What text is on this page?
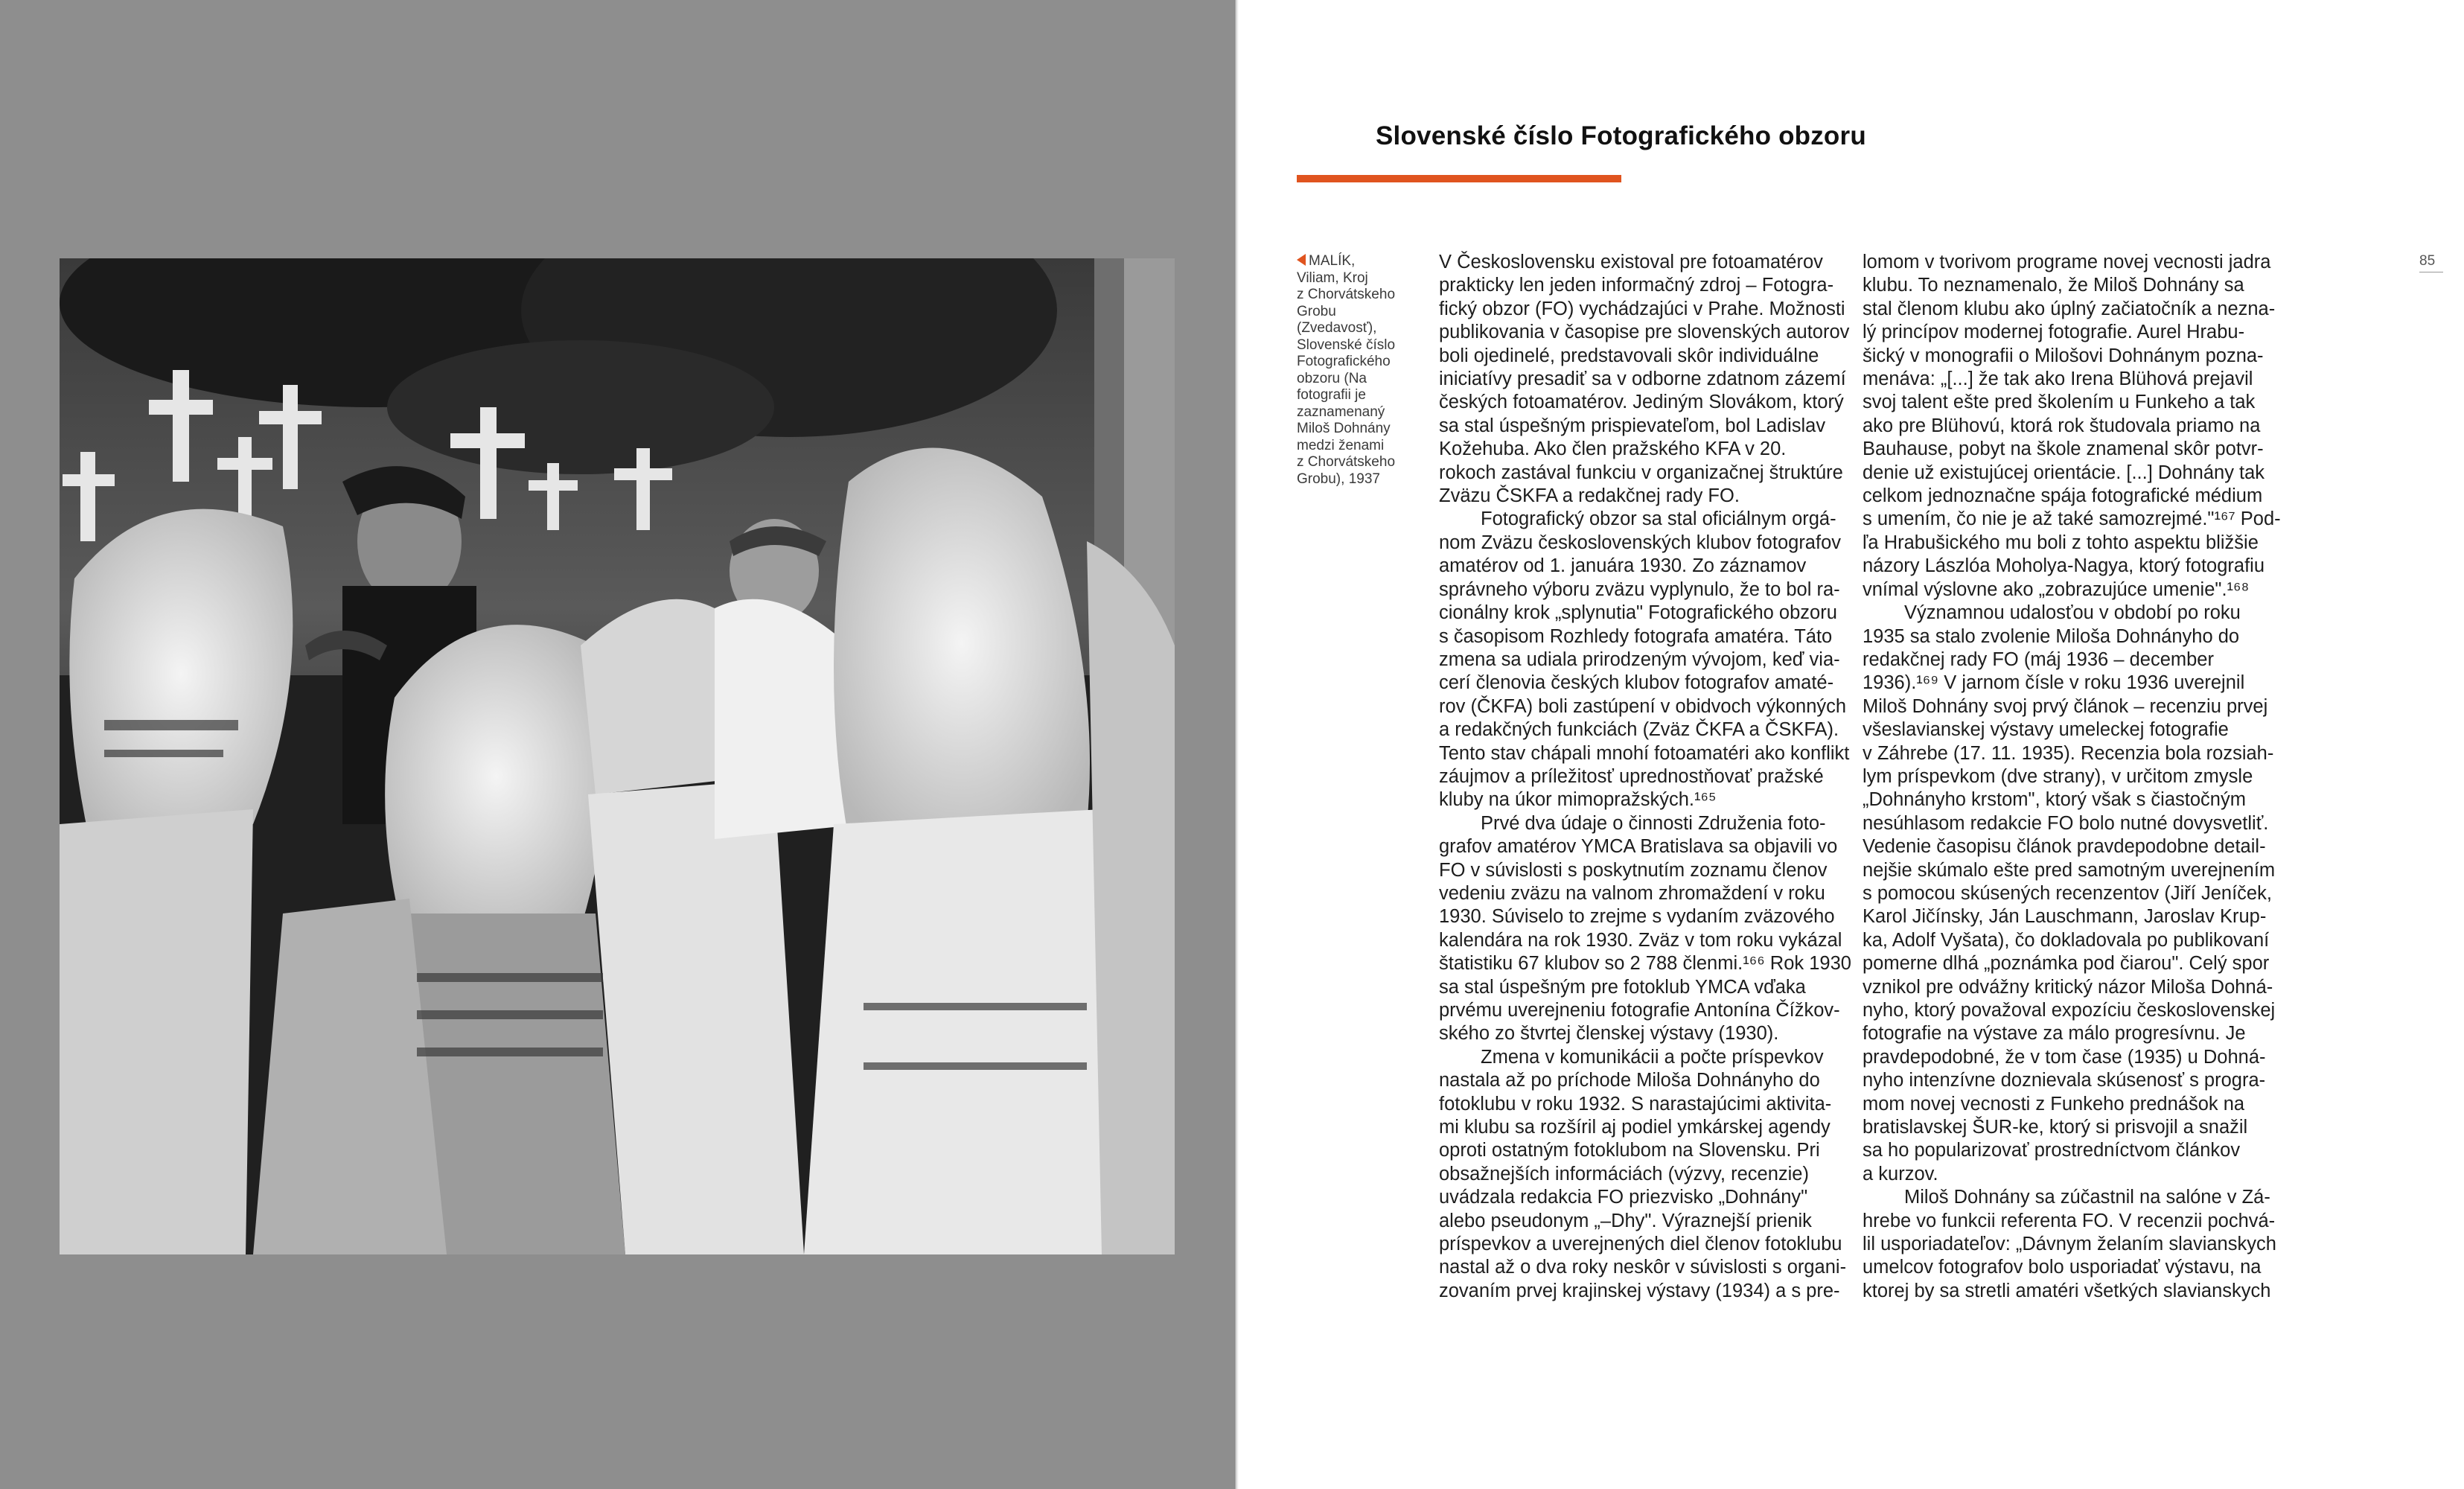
Slovenské číslo Fotografického obzoru
MALÍK,
Viliam, Kroj
z Chorvátskeho
Grobu
(Zvedavosť),
Slovenské číslo
Fotografického
obzoru (Na
fotografii je
zaznamenaný
Miloš Dohnány
medzi ženami
z Chorvátskeho
Grobu), 1937
85
V Československu existoval pre fotoamatérov
prakticky len jeden informačný zdroj – Fotogra-
fický obzor (FO) vychádzajúci v Prahe. Možnosti
publikovania v časopise pre slovenských autorov
boli ojedinelé, predstavovali skôr individuálne
iniciatívy presadiť sa v odborne zdatnom zázemí
českých fotoamatérov. Jediným Slovákom, ktorý
sa stal úspešným prispievateľom, bol Ladislav
Kožehuba. Ako člen pražského KFA v 20.
rokoch zastával funkciu v organizačnej štruktúre
Zväzu ČSKFA a redakčnej rady FO.
Fotografický obzor sa stal oficiálnym orgá-
nom Zväzu československých klubov fotografov
amatérov od 1. januára 1930. Zo záznamov
správneho výboru zväzu vyplynulo, že to bol ra-
cionálny krok „splynutia" Fotografického obzoru
s časopisom Rozhledy fotografa amatéra. Táto
zmena sa udiala prirodzeným vývojom, keď via-
cerí členovia českých klubov fotografov amaté-
rov (ČKFA) boli zastúpení v obidvoch výkonných
a redakčných funkciách (Zväz ČKFA a ČSKFA).
Tento stav chápali mnohí fotoamatéri ako konflikt
záujmov a príležitosť uprednostňovať pražské
kluby na úkor mimopražských.¹⁶⁵
Prvé dva údaje o činnosti Združenia foto-
grafov amatérov YMCA Bratislava sa objavili vo
FO v súvislosti s poskytnutím zoznamu členov
vedeniu zväzu na valnom zhromaždení v roku
1930. Súviselo to zrejme s vydaním zväzového
kalendára na rok 1930. Zväz v tom roku vykázal
štatistiku 67 klubov so 2 788 členmi.¹⁶⁶ Rok 1930
sa stal úspešným pre fotoklub YMCA vďaka
prvému uverejneniu fotografie Antonína Čížkov-
ského zo štvrtej členskej výstavy (1930).
Zmena v komunikácii a počte príspevkov
nastala až po príchode Miloša Dohnányho do
fotoklubu v roku 1932. S narastajúcimi aktivita-
mi klubu sa rozšíril aj podiel ymkárskej agendy
oproti ostatným fotoklubom na Slovensku. Pri
obsažnejších informáciách (výzvy, recenzie)
uvádzala redakcia FO priezvisko „Dohnány"
alebo pseudonym „–Dhy". Výraznejší prienik
príspevkov a uverejnených diel členov fotoklubu
nastal až o dva roky neskôr v súvislosti s organi-
zovaním prvej krajinskej výstavy (1934) a s pre-
lomom v tvorivom programe novej vecnosti jadra
klubu. To neznamenalo, že Miloš Dohnány sa
stal členom klubu ako úplný začiatočník a nezna-
lý princípov modernej fotografie. Aurel Hrabu-
šický v monografii o Milošovi Dohnánym pozna-
menáva: „[...] že tak ako Irena Blühová prejavil
svoj talent ešte pred školením u Funkeho a tak
ako pre Blühovú, ktorá rok študovala priamo na
Bauhause, pobyt na škole znamenal skôr potvr-
denie už existujúcej orientácie. [...] Dohnány tak
celkom jednoznačne spája fotografické médium
s umením, čo nie je až také samozrejmé."¹⁶⁷ Pod-
ľa Hrabušického mu boli z tohto aspektu bližšie
názory Lászlóa Moholya-Nagya, ktorý fotografiu
vnímal výslovne ako „zobrazujúce umenie".¹⁶⁸
Významnou udalosťou v období po roku
1935 sa stalo zvolenie Miloša Dohnányho do
redakčnej rady FO (máj 1936 – december
1936).¹⁶⁹ V jarnom čísle v roku 1936 uverejnil
Miloš Dohnány svoj prvý článok – recenziu prvej
všeslavianskej výstavy umeleckej fotografie
v Záhrebe (17. 11. 1935). Recenzia bola rozsiah-
lym príspevkom (dve strany), v určitom zmysle
„Dohnányho krstom", ktorý však s čiastočným
nesúhlasom redakcie FO bolo nutné dovysvetliť.
Vedenie časopisu článok pravdepodobne detail-
nejšie skúmalo ešte pred samotným uverejnením
s pomocou skúsených recenzentov (Jiří Jeníček,
Karol Jičínsky, Ján Lauschmann, Jaroslav Krup-
ka, Adolf Vyšata), čo dokladovala po publikovaní
pomerne dlhá „poznámka pod čiarou". Celý spor
vznikol pre odvážny kritický názor Miloša Dohná-
nyho, ktorý považoval expozíciu československej
fotografie na výstave za málo progresívnu. Je
pravdepodobné, že v tom čase (1935) u Dohná-
nyho intenzívne doznievala skúsenosť s progra-
mom novej vecnosti z Funkeho prednášok na
bratislavskej ŠUR-ke, ktorý si prisvojil a snažil
sa ho popularizovať prostredníctvom článkov
a kurzov.
Miloš Dohnány sa zúčastnil na salóne v Zá-
hrebe vo funkcii referenta FO. V recenzii pochvá-
lil usporiadateľov: „Dávnym želaním slavianskych
umelcov fotografov bolo usporiadať výstavu, na
ktorej by sa stretli amatéri všetkých slavianskych
